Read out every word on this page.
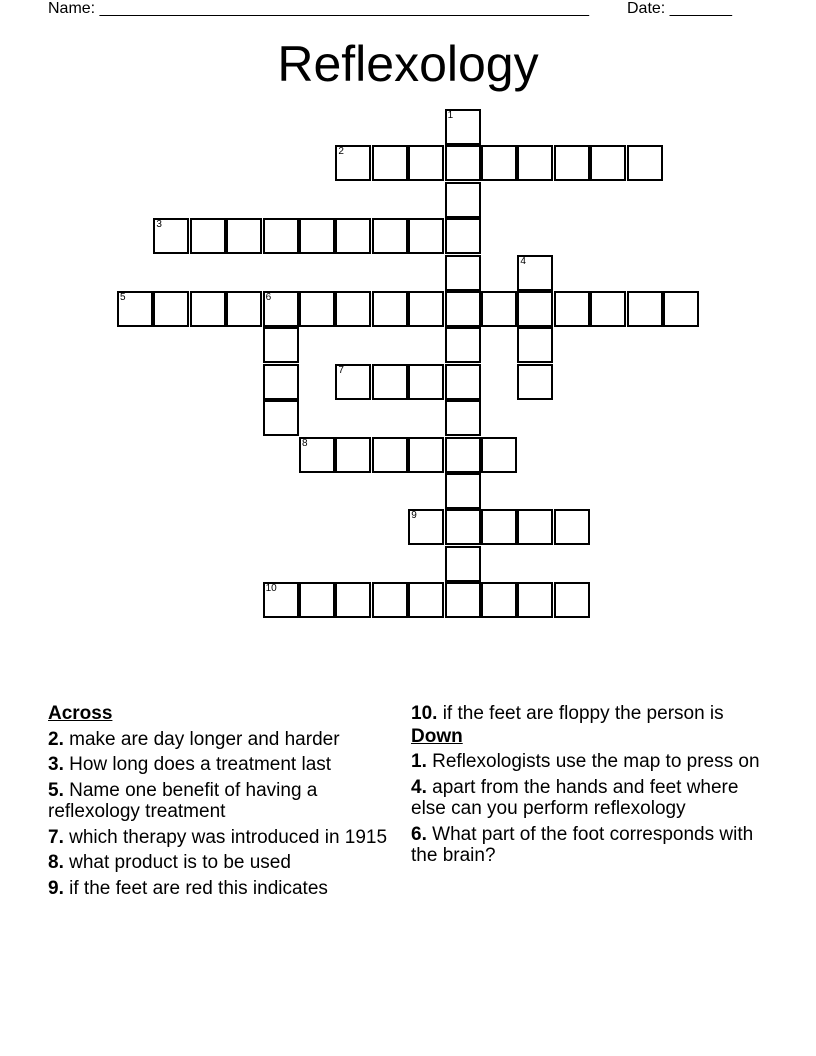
Name: _______________________________________________________ Date: _______
Reflexology
1
2
3
4
5	6
7
8
9
10
Across
2. make are day longer and harder
3. How long does a treatment last
5. Name one benefit of having a reflexology treatment
7. which therapy was introduced in 1915
8. what product is to be used
9. if the feet are red this indicates
10. if the feet are floppy the person is
Down
1. Reflexologists use the map to press on
4. apart from the hands and feet where else can you perform reflexology
6. What part of the foot corresponds with the brain?
